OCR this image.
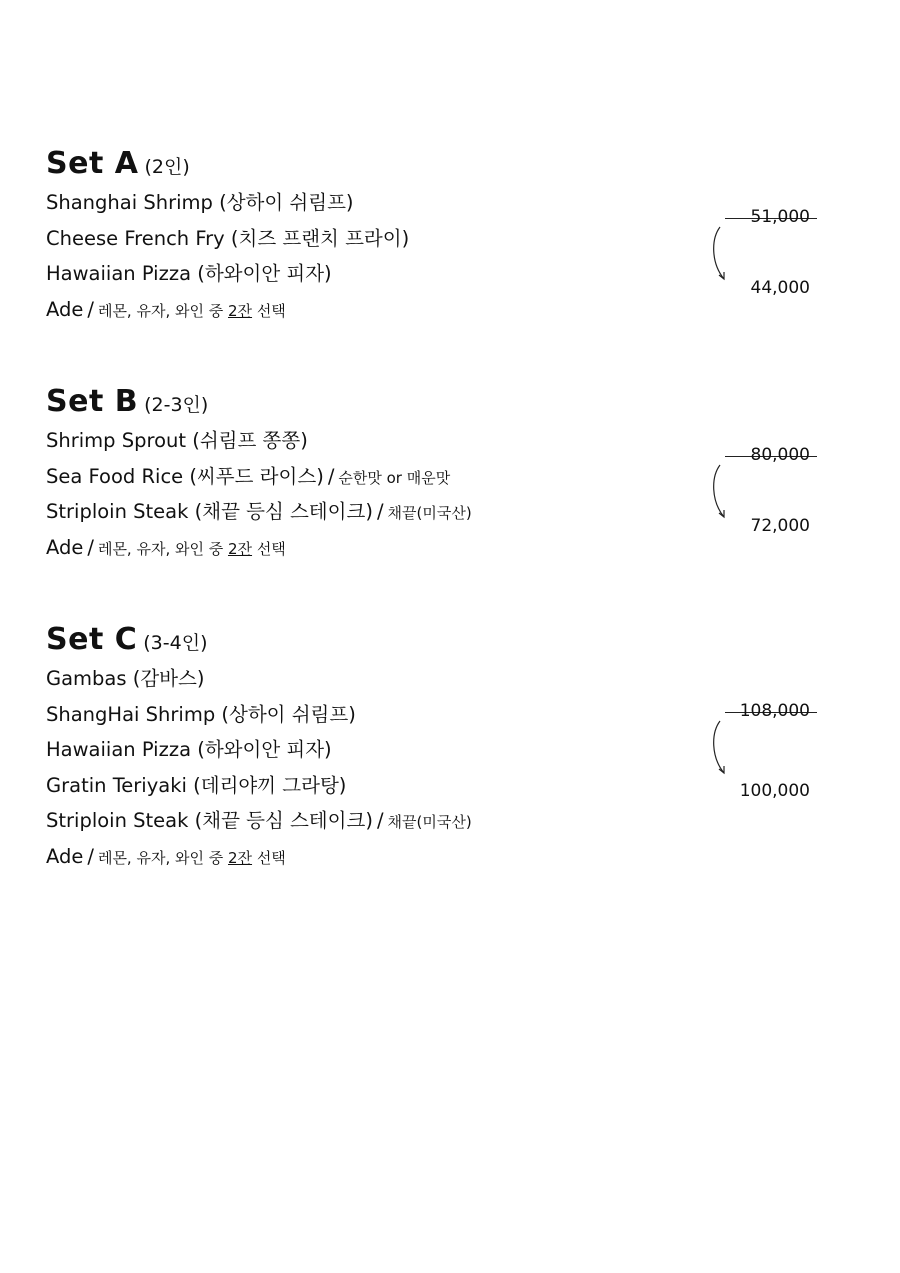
Set A (2인)
Shanghai Shrimp (상하이 쉬림프)
Cheese French Fry (치즈 프랜치 프라이)
Hawaiian Pizza (하와이안 피자)
Ade / 레몬, 유자, 와인 중 2잔 선택
51,000
44,000
Set B (2-3인)
Shrimp Sprout (쉬림프 쫑쫑)
Sea Food Rice (씨푸드 라이스) / 순한맛 or 매운맛
Striploin Steak (채끝 등심 스테이크) / 채끝(미국산)
Ade / 레몬, 유자, 와인 중 2잔 선택
80,000
72,000
Set C (3-4인)
Gambas (감바스)
ShangHai Shrimp (상하이 쉬림프)
Hawaiian Pizza (하와이안 피자)
Gratin Teriyaki (데리야끼 그라탕)
Striploin Steak (채끝 등심 스테이크) / 채끝(미국산)
Ade / 레몬, 유자, 와인 중 2잔 선택
108,000
100,000
